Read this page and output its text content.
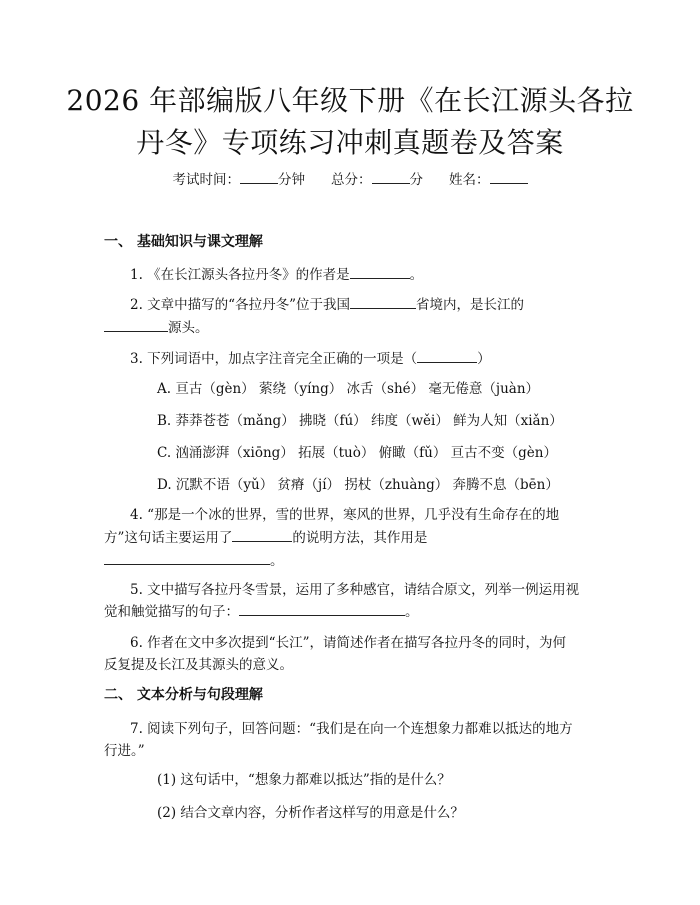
2026 年部编版八年级下册《在长江源头各拉
丹冬》专项练习冲刺真题卷及答案
考试时间：	分钟 总分：	分 姓名：
一、 基础知识与课文理解
1. 《在长江源头各拉丹冬》的作者是	。
2. 文章中描写的“各拉丹冬”位于我国	省境内，是长江的
源头。
3. 下列词语中，加点字注音完全正确的一项是（	）
A. 亘古（gèn） 萦绕（yíng） 冰舌（shé） 毫无倦意（juàn）
B. 莽莽苍苍（mǎng） 拂晓（fú） 纬度（wěi） 鲜为人知（xiǎn）
C. 汹涌澎湃（xiōng） 拓展（tuò） 俯瞰（fǔ） 亘古不变（gèn）
D. 沉默不语（yǔ） 贫瘠（jí） 拐杖（zhuàng） 奔腾不息（bēn）
4. “那是一个冰的世界，雪的世界，寒风的世界，几乎没有生命存在的地
方”这句话主要运用了	的说明方法，其作用是
。
5. 文中描写各拉丹冬雪景，运用了多种感官，请结合原文，列举一例运用视
觉和触觉描写的句子：	。
6. 作者在文中多次提到“长江”，请简述作者在描写各拉丹冬的同时，为何
反复提及长江及其源头的意义。
二、 文本分析与句段理解
7. 阅读下列句子，回答问题：“我们是在向一个连想象力都难以抵达的地方
行进。”
(1) 这句话中，“想象力都难以抵达”指的是什么？
(2) 结合文章内容，分析作者这样写的用意是什么？
